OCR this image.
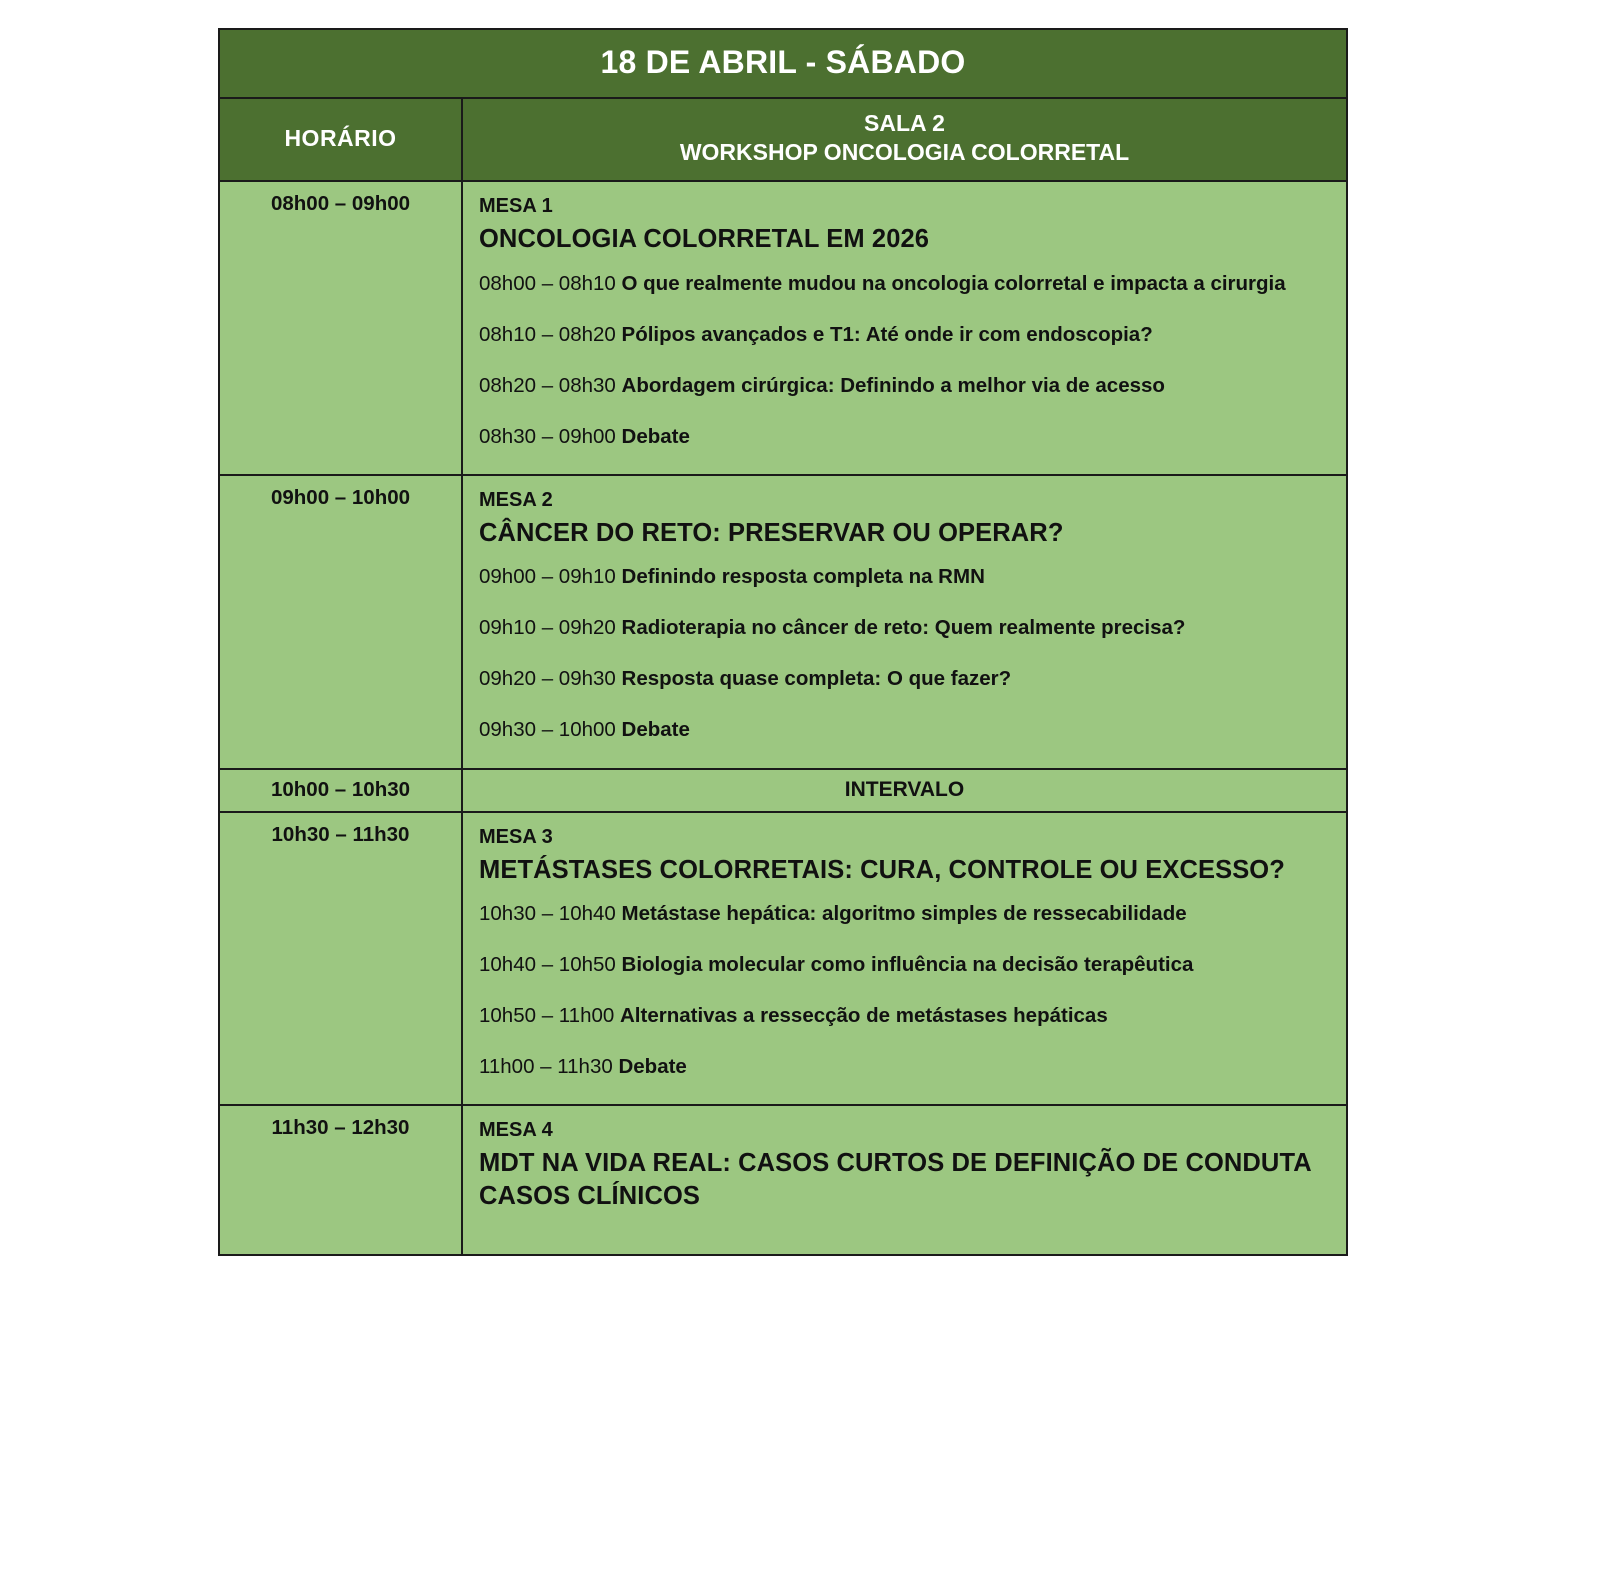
18 DE ABRIL - SÁBADO	
HORÁRIO	SALA 2
WORKSHOP ONCOLOGIA COLORRETAL

08h00 – 09h00	MESA 1

ONCOLOGIA COLORRETAL EM 2026

08h00 – 08h10 O que realmente mudou na oncologia colorretal e impacta a cirurgia

08h10 – 08h20 Pólipos avançados e T1: Até onde ir com endoscopia?

08h20 – 08h30 Abordagem cirúrgica: Definindo a melhor via de acesso

08h30 – 09h00 Debate

09h00 – 10h00	MESA 2

CÂNCER DO RETO: PRESERVAR OU OPERAR?

09h00 – 09h10 Definindo resposta completa na RMN

09h10 – 09h20 Radioterapia no câncer de reto: Quem realmente precisa?

09h20 – 09h30 Resposta quase completa: O que fazer?

09h30 – 10h00 Debate

10h00 – 10h30	INTERVALO
10h30 – 11h30	MESA 3

METÁSTASES COLORRETAIS: CURA, CONTROLE OU EXCESSO?

10h30 – 10h40 Metástase hepática: algoritmo simples de ressecabilidade

10h40 – 10h50 Biologia molecular como influência na decisão terapêutica

10h50 – 11h00 Alternativas a ressecção de metástases hepáticas

11h00 – 11h30 Debate

11h30 – 12h30	MESA 4

MDT NA VIDA REAL: CASOS CURTOS DE DEFINIÇÃO DE CONDUTA CASOS CLÍNICOS
